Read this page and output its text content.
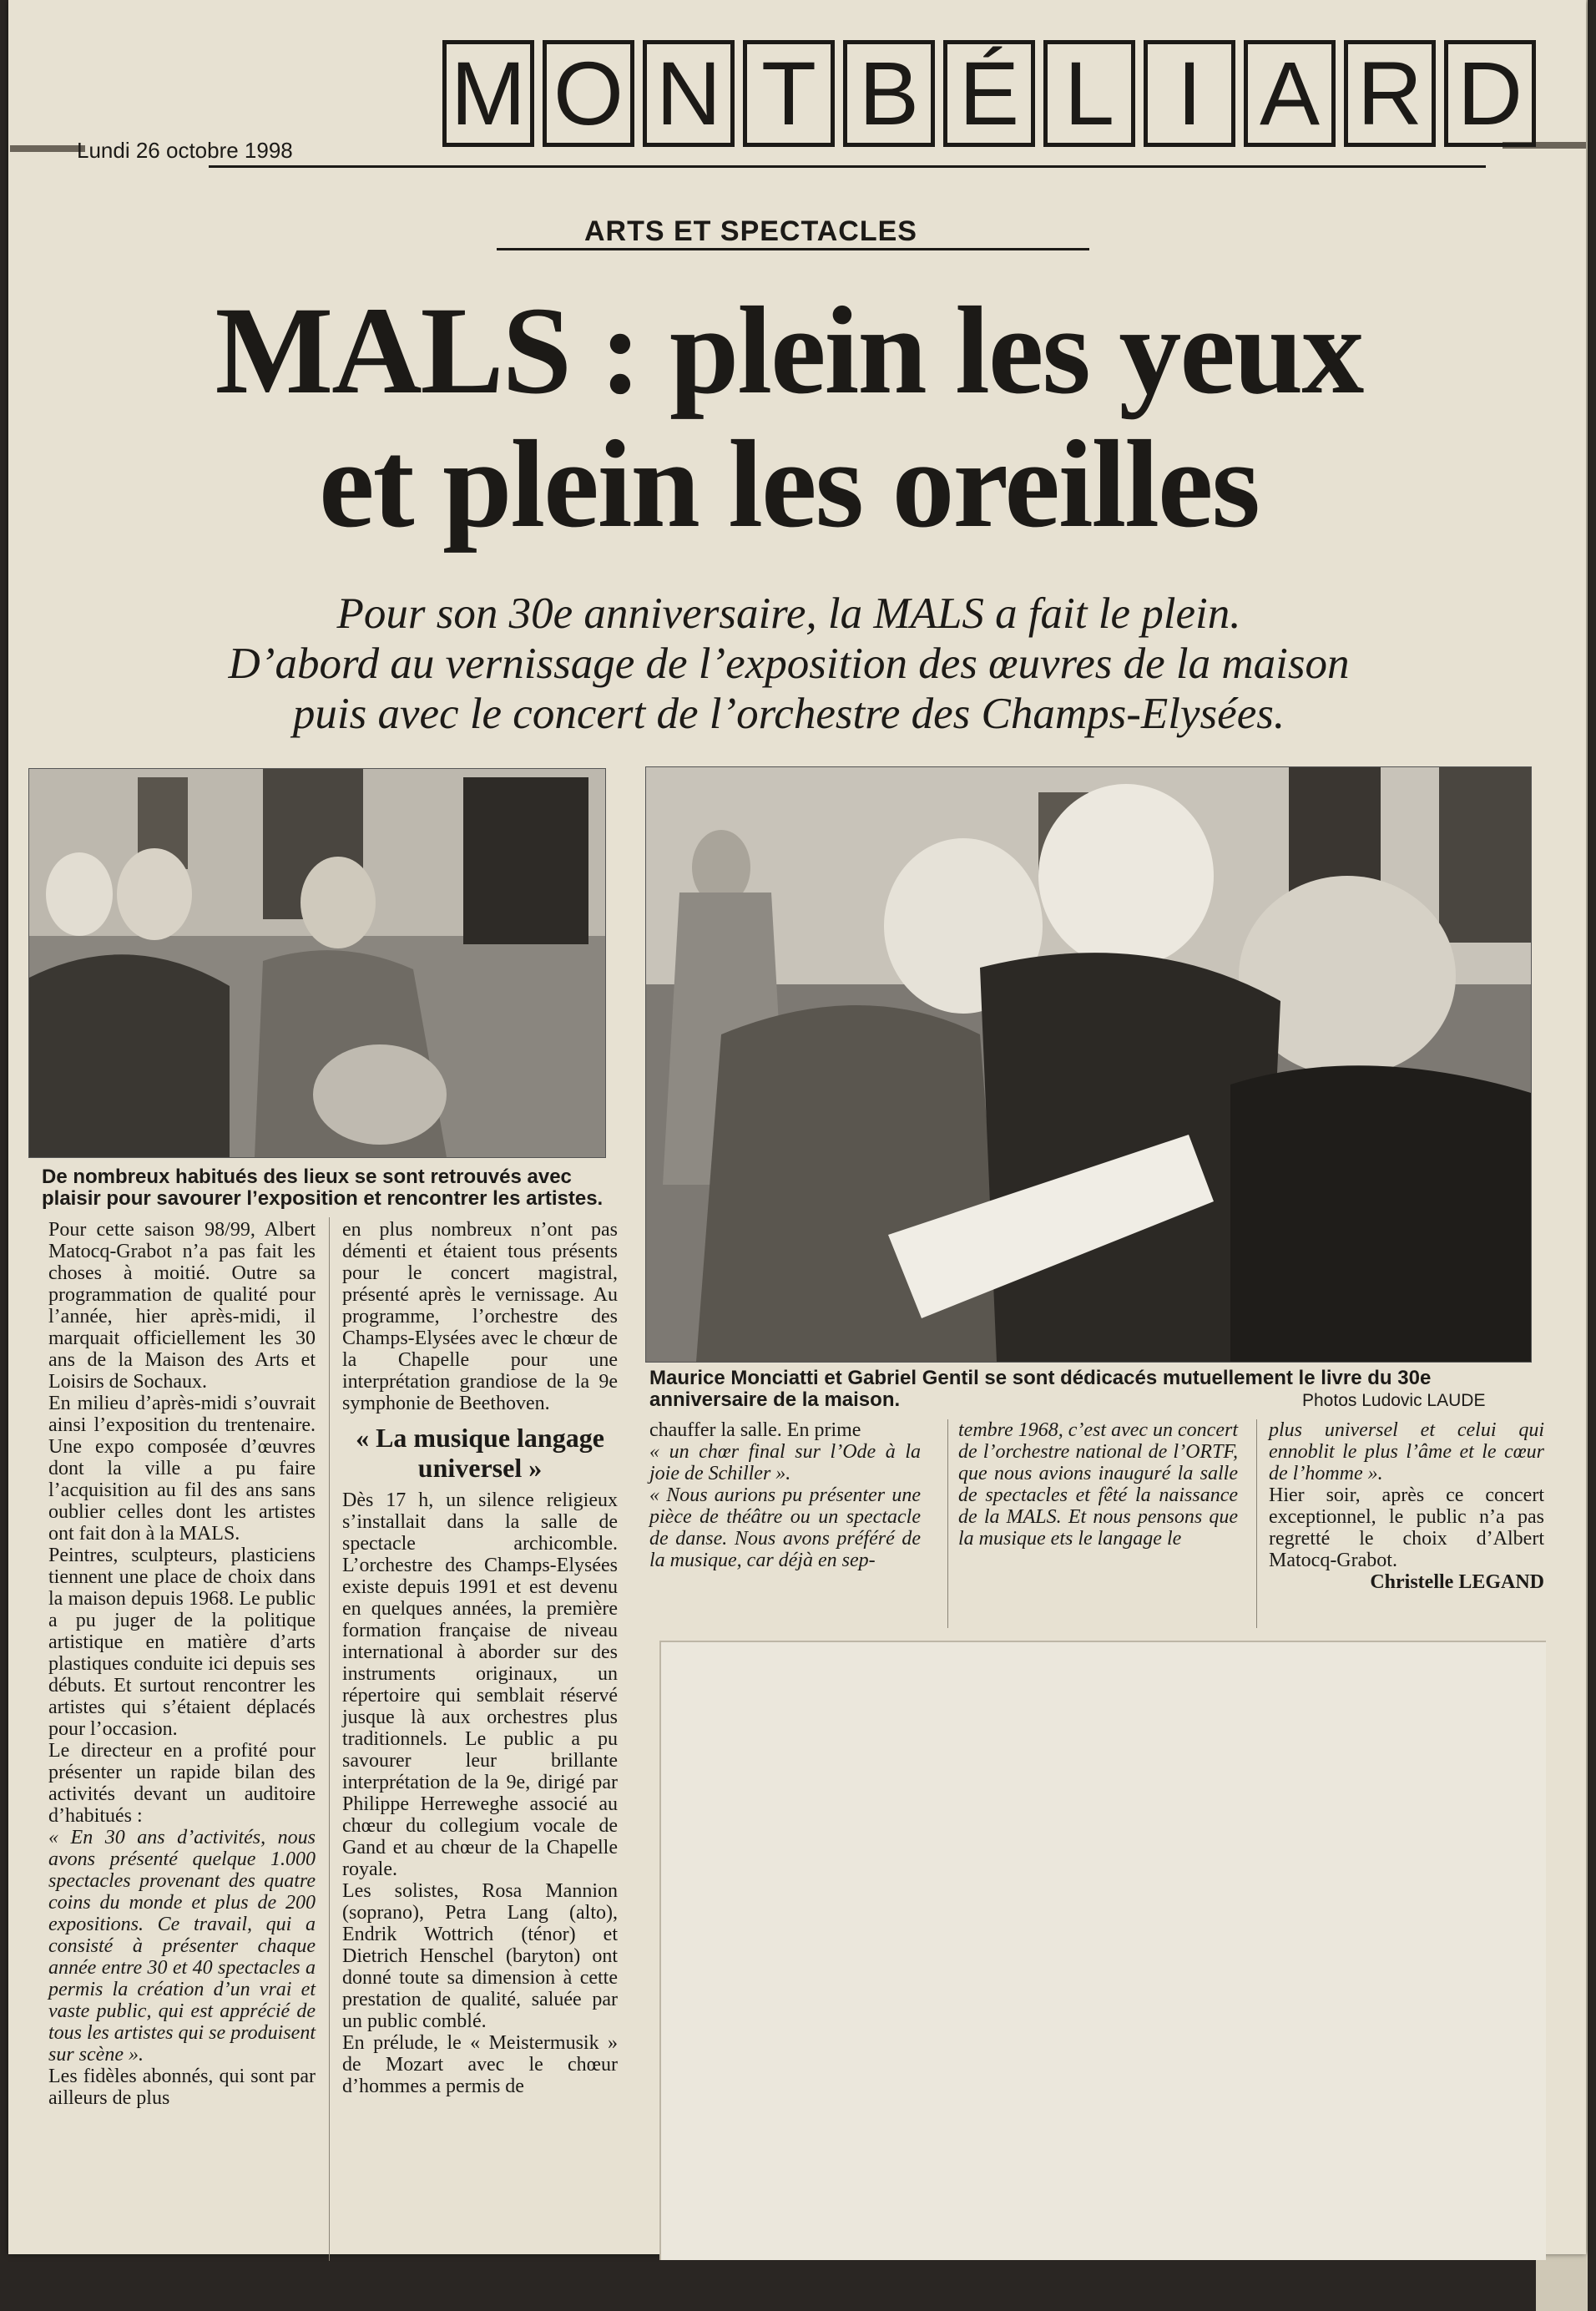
M O N T B É L I A R D
Lundi 26 octobre 1998
ARTS ET SPECTACLES
MALS : plein les yeux
et plein les oreilles
Pour son 30e anniversaire, la MALS a fait le plein.
D’abord au vernissage de l’exposition des œuvres de la maison
puis avec le concert de l’orchestre des Champs-Elysées.
De nombreux habitués des lieux se sont retrouvés avec plaisir pour savourer l’exposition et rencontrer les artistes.
Maurice Monciatti et Gabriel Gentil se sont dédicacés mutuellement le livre du 30e anniversaire de la maison.	Photos Ludovic LAUDE

Pour cette saison 98/99, Albert Matocq-Grabot n’a pas fait les choses à moitié. Outre sa programmation de qualité pour l’année, hier après-midi, il marquait officiellement les 30 ans de la Maison des Arts et Loisirs de Sochaux.

En milieu d’après-midi s’ouvrait ainsi l’exposition du trentenaire. Une expo composée d’œuvres dont la ville a pu faire l’acquisition au fil des ans sans oublier celles dont les artistes ont fait don à la MALS.

Peintres, sculpteurs, plasticiens tiennent une place de choix dans la maison depuis 1968. Le public a pu juger de la politique artistique en matière d’arts plastiques conduite ici depuis ses débuts. Et surtout rencontrer les artistes qui s’étaient déplacés pour l’occasion.

Le directeur en a profité pour présenter un rapide bilan des activités devant un auditoire d’habitués :

« En 30 ans d’activités, nous avons présenté quelque 1.000 spectacles provenant des quatre coins du monde et plus de 200 expositions. Ce travail, qui a consisté à présenter chaque année entre 30 et 40 spectacles a permis la création d’un vrai et vaste public, qui est apprécié de tous les artistes qui se produisent sur scène ».

Les fidèles abonnés, qui sont par ailleurs de plus

en plus nombreux n’ont pas démenti et étaient tous présents pour le concert magistral, présenté après le vernissage. Au programme, l’orchestre des Champs-Elysées avec le chœur de la Chapelle pour une interprétation grandiose de la 9e symphonie de Beethoven.

« La musique langage universel »

Dès 17 h, un silence religieux s’installait dans la salle de spectacle archicomble. L’orchestre des Champs-Elysées existe depuis 1991 et est devenu en quelques années, la première formation française de niveau international à aborder sur des instruments originaux, un répertoire qui semblait réservé jusque là aux orchestres plus traditionnels. Le public a pu savourer leur brillante interprétation de la 9e, dirigé par Philippe Herreweghe associé au chœur du collegium vocale de Gand et au chœur de la Chapelle royale.

Les solistes, Rosa Mannion (soprano), Petra Lang (alto), Endrik Wottrich (ténor) et Dietrich Henschel (baryton) ont donné toute sa dimension à cette prestation de qualité, saluée par un public comblé.

En prélude, le « Meistermusik » de Mozart avec le chœur d’hommes a permis de

chauffer la salle. En prime

« un chœr final sur l’Ode à la joie de Schiller ».

« Nous aurions pu présenter une pièce de théâtre ou un spectacle de danse. Nous avons préféré de la musique, car déjà en sep-

tembre 1968, c’est avec un concert de l’orchestre national de l’ORTF, que nous avions inauguré la salle de spectacles et fêté la naissance de la MALS. Et nous pensons que la musique ets le langage le

plus universel et celui qui ennoblit le plus l’âme et le cœur de l’homme ».

Hier soir, après ce concert exceptionnel, le public n’a pas regretté le choix d’Albert Matocq-Grabot.

Christelle LEGAND
